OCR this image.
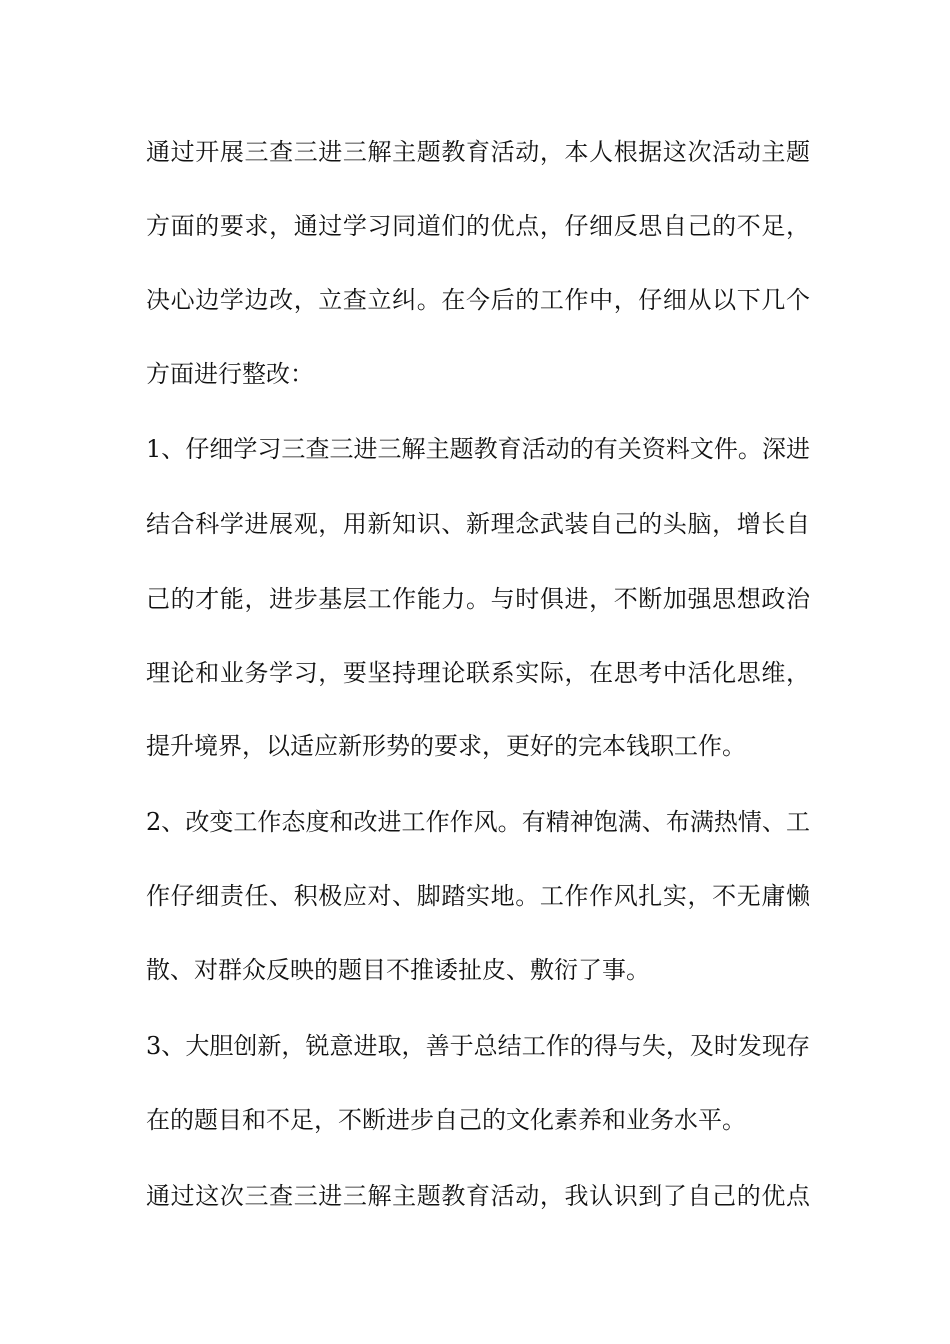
通过开展三查三进三解主题教育活动，本人根据这次活动主题
方面的要求，通过学习同道们的优点，仔细反思自己的不足，
决心边学边改，立查立纠。在今后的工作中，仔细从以下几个
方面进行整改：
1、仔细学习三查三进三解主题教育活动的有关资料文件。深进
结合科学进展观，用新知识、新理念武装自己的头脑，增长自
己的才能，进步基层工作能力。与时俱进，不断加强思想政治
理论和业务学习，要坚持理论联系实际，在思考中活化思维，
提升境界，以适应新形势的要求，更好的完本钱职工作。
2、改变工作态度和改进工作作风。有精神饱满、布满热情、工
作仔细责任、积极应对、脚踏实地。工作作风扎实，不无庸懒
散、对群众反映的题目不推诿扯皮、敷衍了事。
3、大胆创新，锐意进取，善于总结工作的得与失，及时发现存
在的题目和不足，不断进步自己的文化素养和业务水平。
通过这次三查三进三解主题教育活动，我认识到了自己的优点
